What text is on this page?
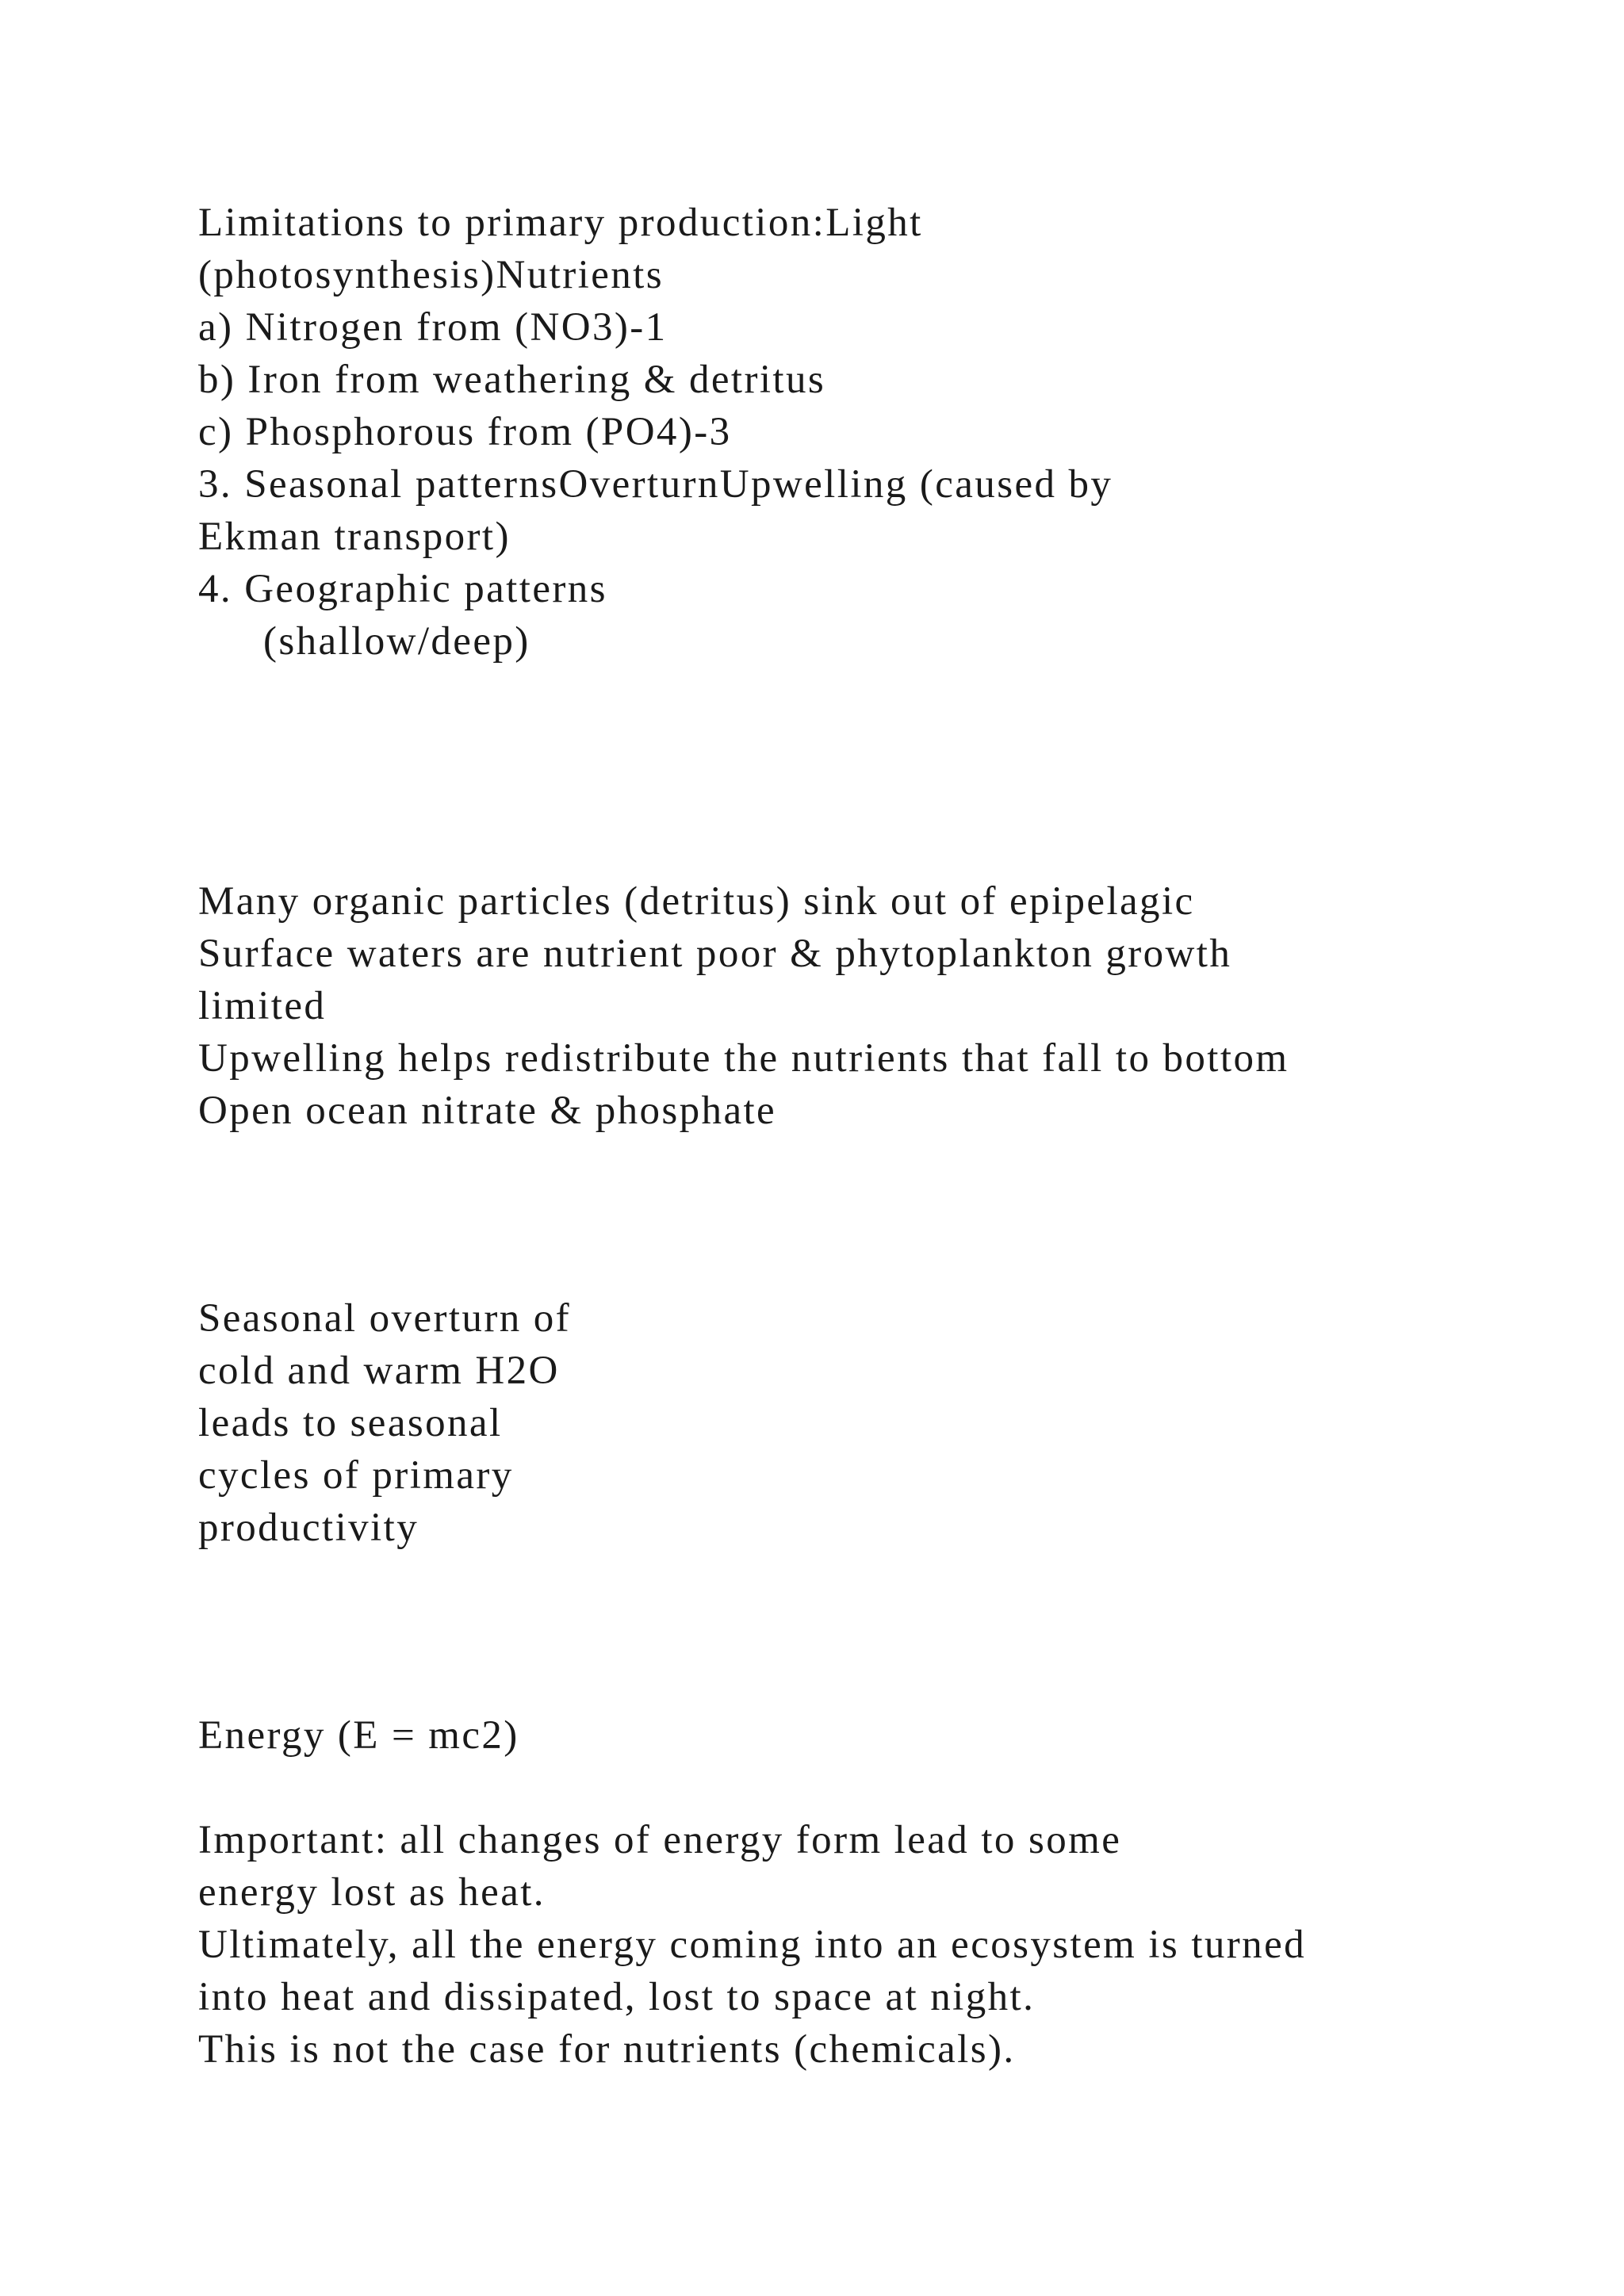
Limitations to primary production:Light

(photosynthesis)Nutrients

a) Nitrogen from (NO3)-1

b) Iron from weathering & detritus

c) Phosphorous from (PO4)-3

3. Seasonal patternsOverturnUpwelling (caused by

Ekman transport)

4. Geographic patterns

(shallow/deep)

Many organic particles (detritus) sink out of epipelagic

Surface waters are nutrient poor & phytoplankton growth

limited

Upwelling helps redistribute the nutrients that fall to bottom

Open ocean nitrate & phosphate

Seasonal overturn of

cold and warm H2O

leads to seasonal

cycles of primary

productivity

Energy (E = mc2)

Important: all changes of energy form lead to some

energy lost as heat.

Ultimately, all the energy coming into an ecosystem is turned

into heat and dissipated, lost to space at night.

This is not the case for nutrients (chemicals).
